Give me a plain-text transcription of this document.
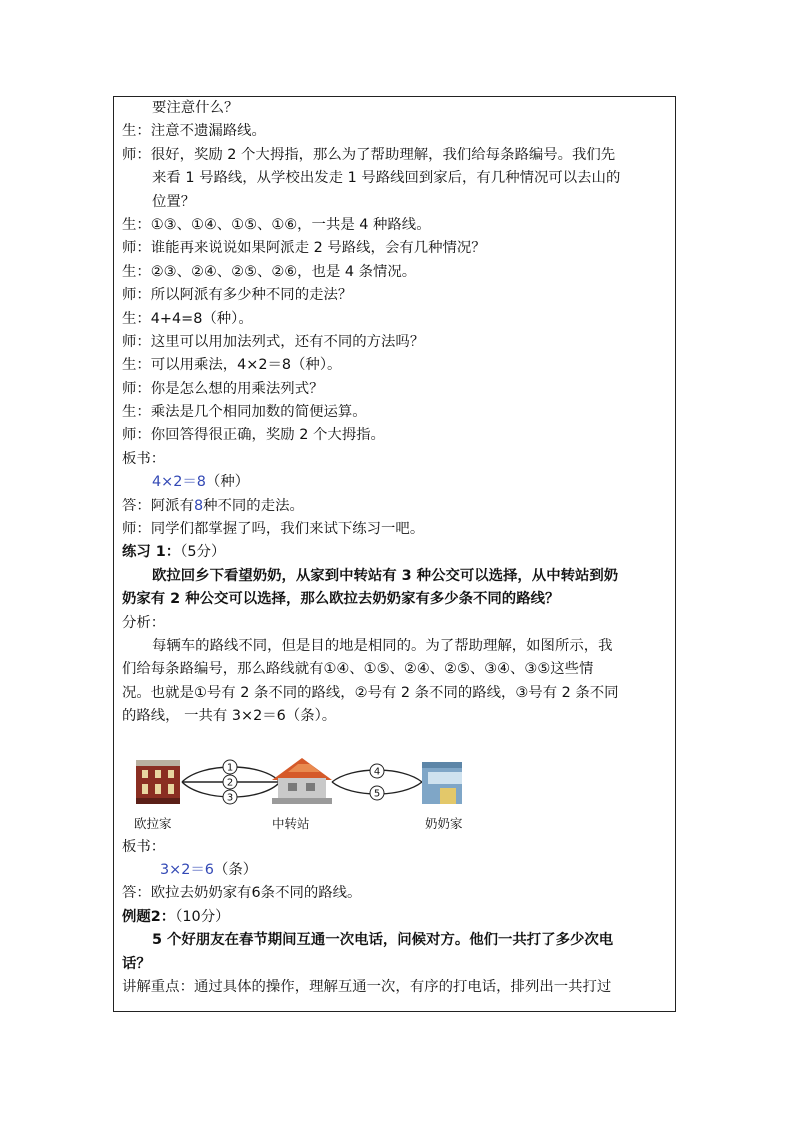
要注意什么？
生：注意不遗漏路线。
师：很好，奖励 2 个大拇指，那么为了帮助理解，我们给每条路编号。我们先
来看 1 号路线，从学校出发走 1 号路线回到家后，有几种情况可以去山的
位置？
生：①③、①④、①⑤、①⑥，一共是 4 种路线。
师：谁能再来说说如果阿派走 2 号路线，会有几种情况？
生：②③、②④、②⑤、②⑥，也是 4 条情况。
师：所以阿派有多少种不同的走法？
生：4+4=8（种）。
师：这里可以用加法列式，还有不同的方法吗？
生：可以用乘法，4×2＝8（种）。
师：你是怎么想的用乘法列式？
生：乘法是几个相同加数的简便运算。
师：你回答得很正确，奖励 2 个大拇指。
板书：
4×2＝8（种）
答：阿派有8种不同的走法。
师：同学们都掌握了吗，我们来试下练习一吧。
练习 1：（5分）
欧拉回乡下看望奶奶，从家到中转站有 3 种公交可以选择，从中转站到奶
奶家有 2 种公交可以选择，那么欧拉去奶奶家有多少条不同的路线？
分析：
每辆车的路线不同，但是目的地是相同的。为了帮助理解，如图所示，我
们给每条路编号，那么路线就有①④、①⑤、②④、②⑤、③④、③⑤这些情
况。也就是①号有 2 条不同的路线，②号有 2 条不同的路线，③号有 2 条不同
的路线， 一共有 3×2＝6（条）。
1
2
3
4
5
欧拉家	中转站	奶奶家
板书：
3×2＝6（条）
答：欧拉去奶奶家有6条不同的路线。
例题2：（10分）
5 个好朋友在春节期间互通一次电话，问候对方。他们一共打了多少次电
话？
讲解重点：通过具体的操作，理解互通一次，有序的打电话，排列出一共打过
